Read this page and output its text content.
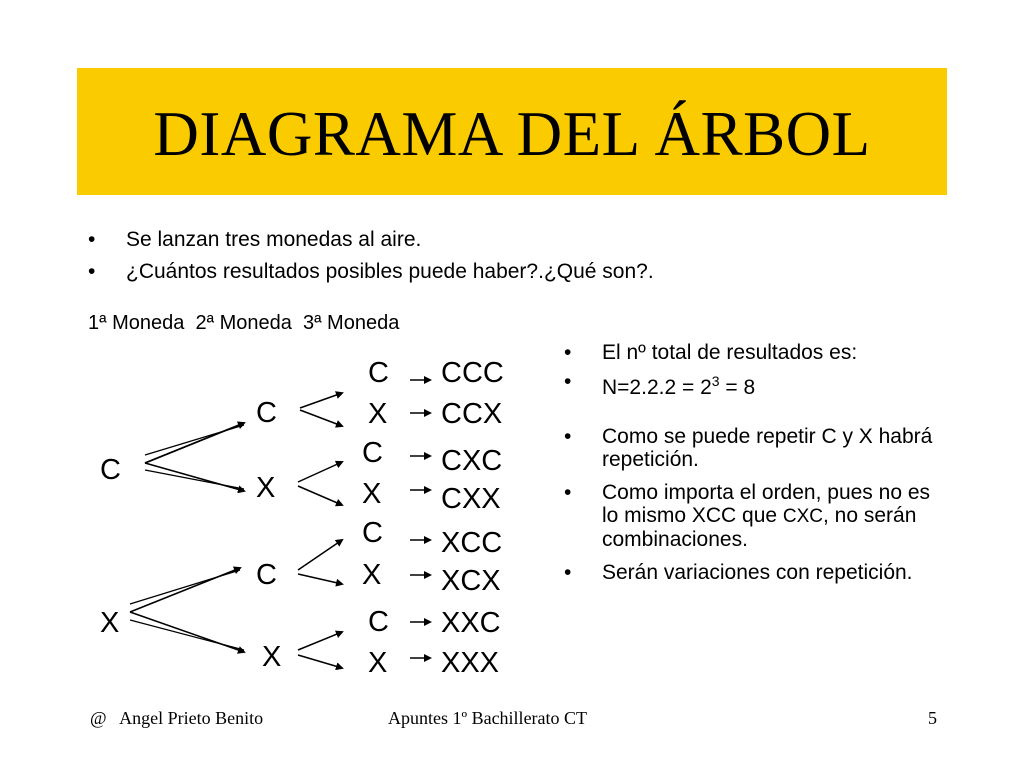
DIAGRAMA DEL ÁRBOL
• Se lanzan tres monedas al aire.
• ¿Cuántos resultados posibles puede haber?.¿Qué son?.
1ª Moneda 2ª Moneda 3ª Moneda
C
X
C
X
C
X
C
X
C
X
C
X
C
X
CCC
CCX
CXC
CXX
XCC
XCX
XXC
XXX
• El nº total de resultados es:
• $N=2.2.2 = 2^3 = 8$
• Como se puede repetir C y X habrá repetición.
• Como importa el orden, pues no es lo mismo XCC que CXC, no serán combinaciones.
• Serán variaciones con repetición.
@   Angel Prieto Benito	Apuntes 1º Bachillerato CT	5
